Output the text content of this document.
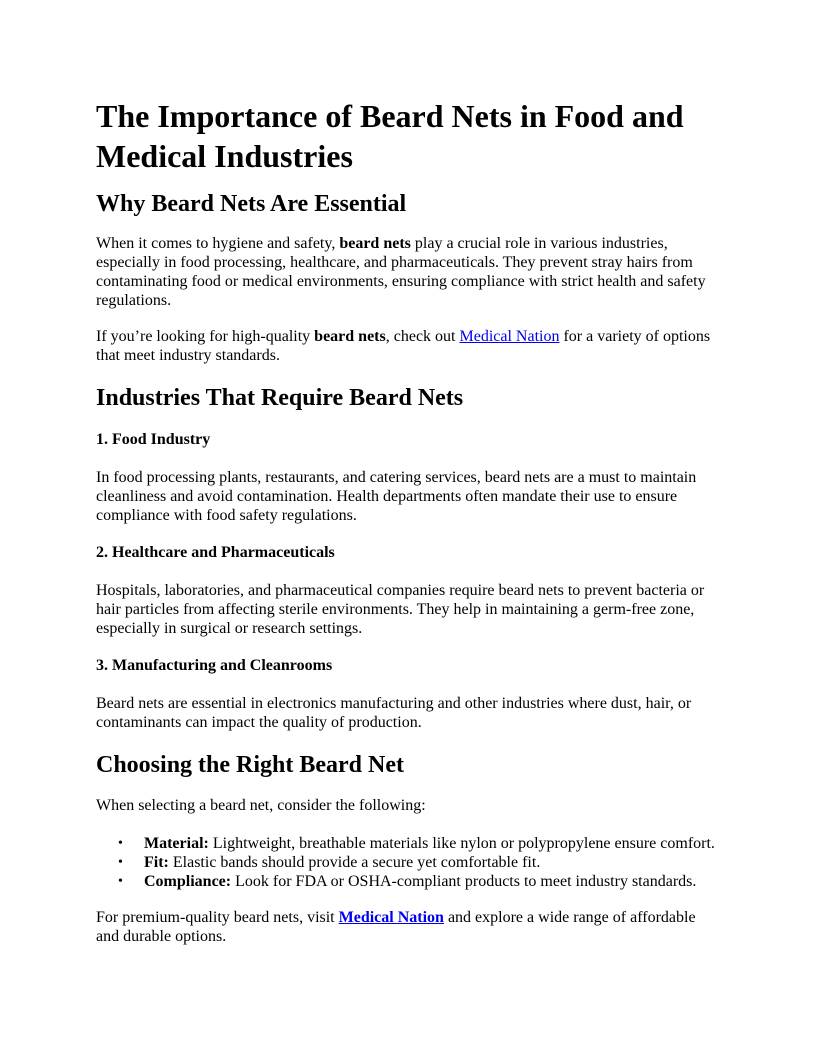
The Importance of Beard Nets in Food and Medical Industries
Why Beard Nets Are Essential

When it comes to hygiene and safety, beard nets play a crucial role in various industries, especially in food processing, healthcare, and pharmaceuticals. They prevent stray hairs from contaminating food or medical environments, ensuring compliance with strict health and safety regulations.

If you’re looking for high-quality beard nets, check out Medical Nation for a variety of options that meet industry standards.

Industries That Require Beard Nets
1. Food Industry

In food processing plants, restaurants, and catering services, beard nets are a must to maintain cleanliness and avoid contamination. Health departments often mandate their use to ensure compliance with food safety regulations.

2. Healthcare and Pharmaceuticals

Hospitals, laboratories, and pharmaceutical companies require beard nets to prevent bacteria or hair particles from affecting sterile environments. They help in maintaining a germ-free zone, especially in surgical or research settings.

3. Manufacturing and Cleanrooms

Beard nets are essential in electronics manufacturing and other industries where dust, hair, or contaminants can impact the quality of production.

Choosing the Right Beard Net

When selecting a beard net, consider the following:

• Material: Lightweight, breathable materials like nylon or polypropylene ensure comfort.
• Fit: Elastic bands should provide a secure yet comfortable fit.
• Compliance: Look for FDA or OSHA-compliant products to meet industry standards.

For premium-quality beard nets, visit Medical Nation and explore a wide range of affordable and durable options.
